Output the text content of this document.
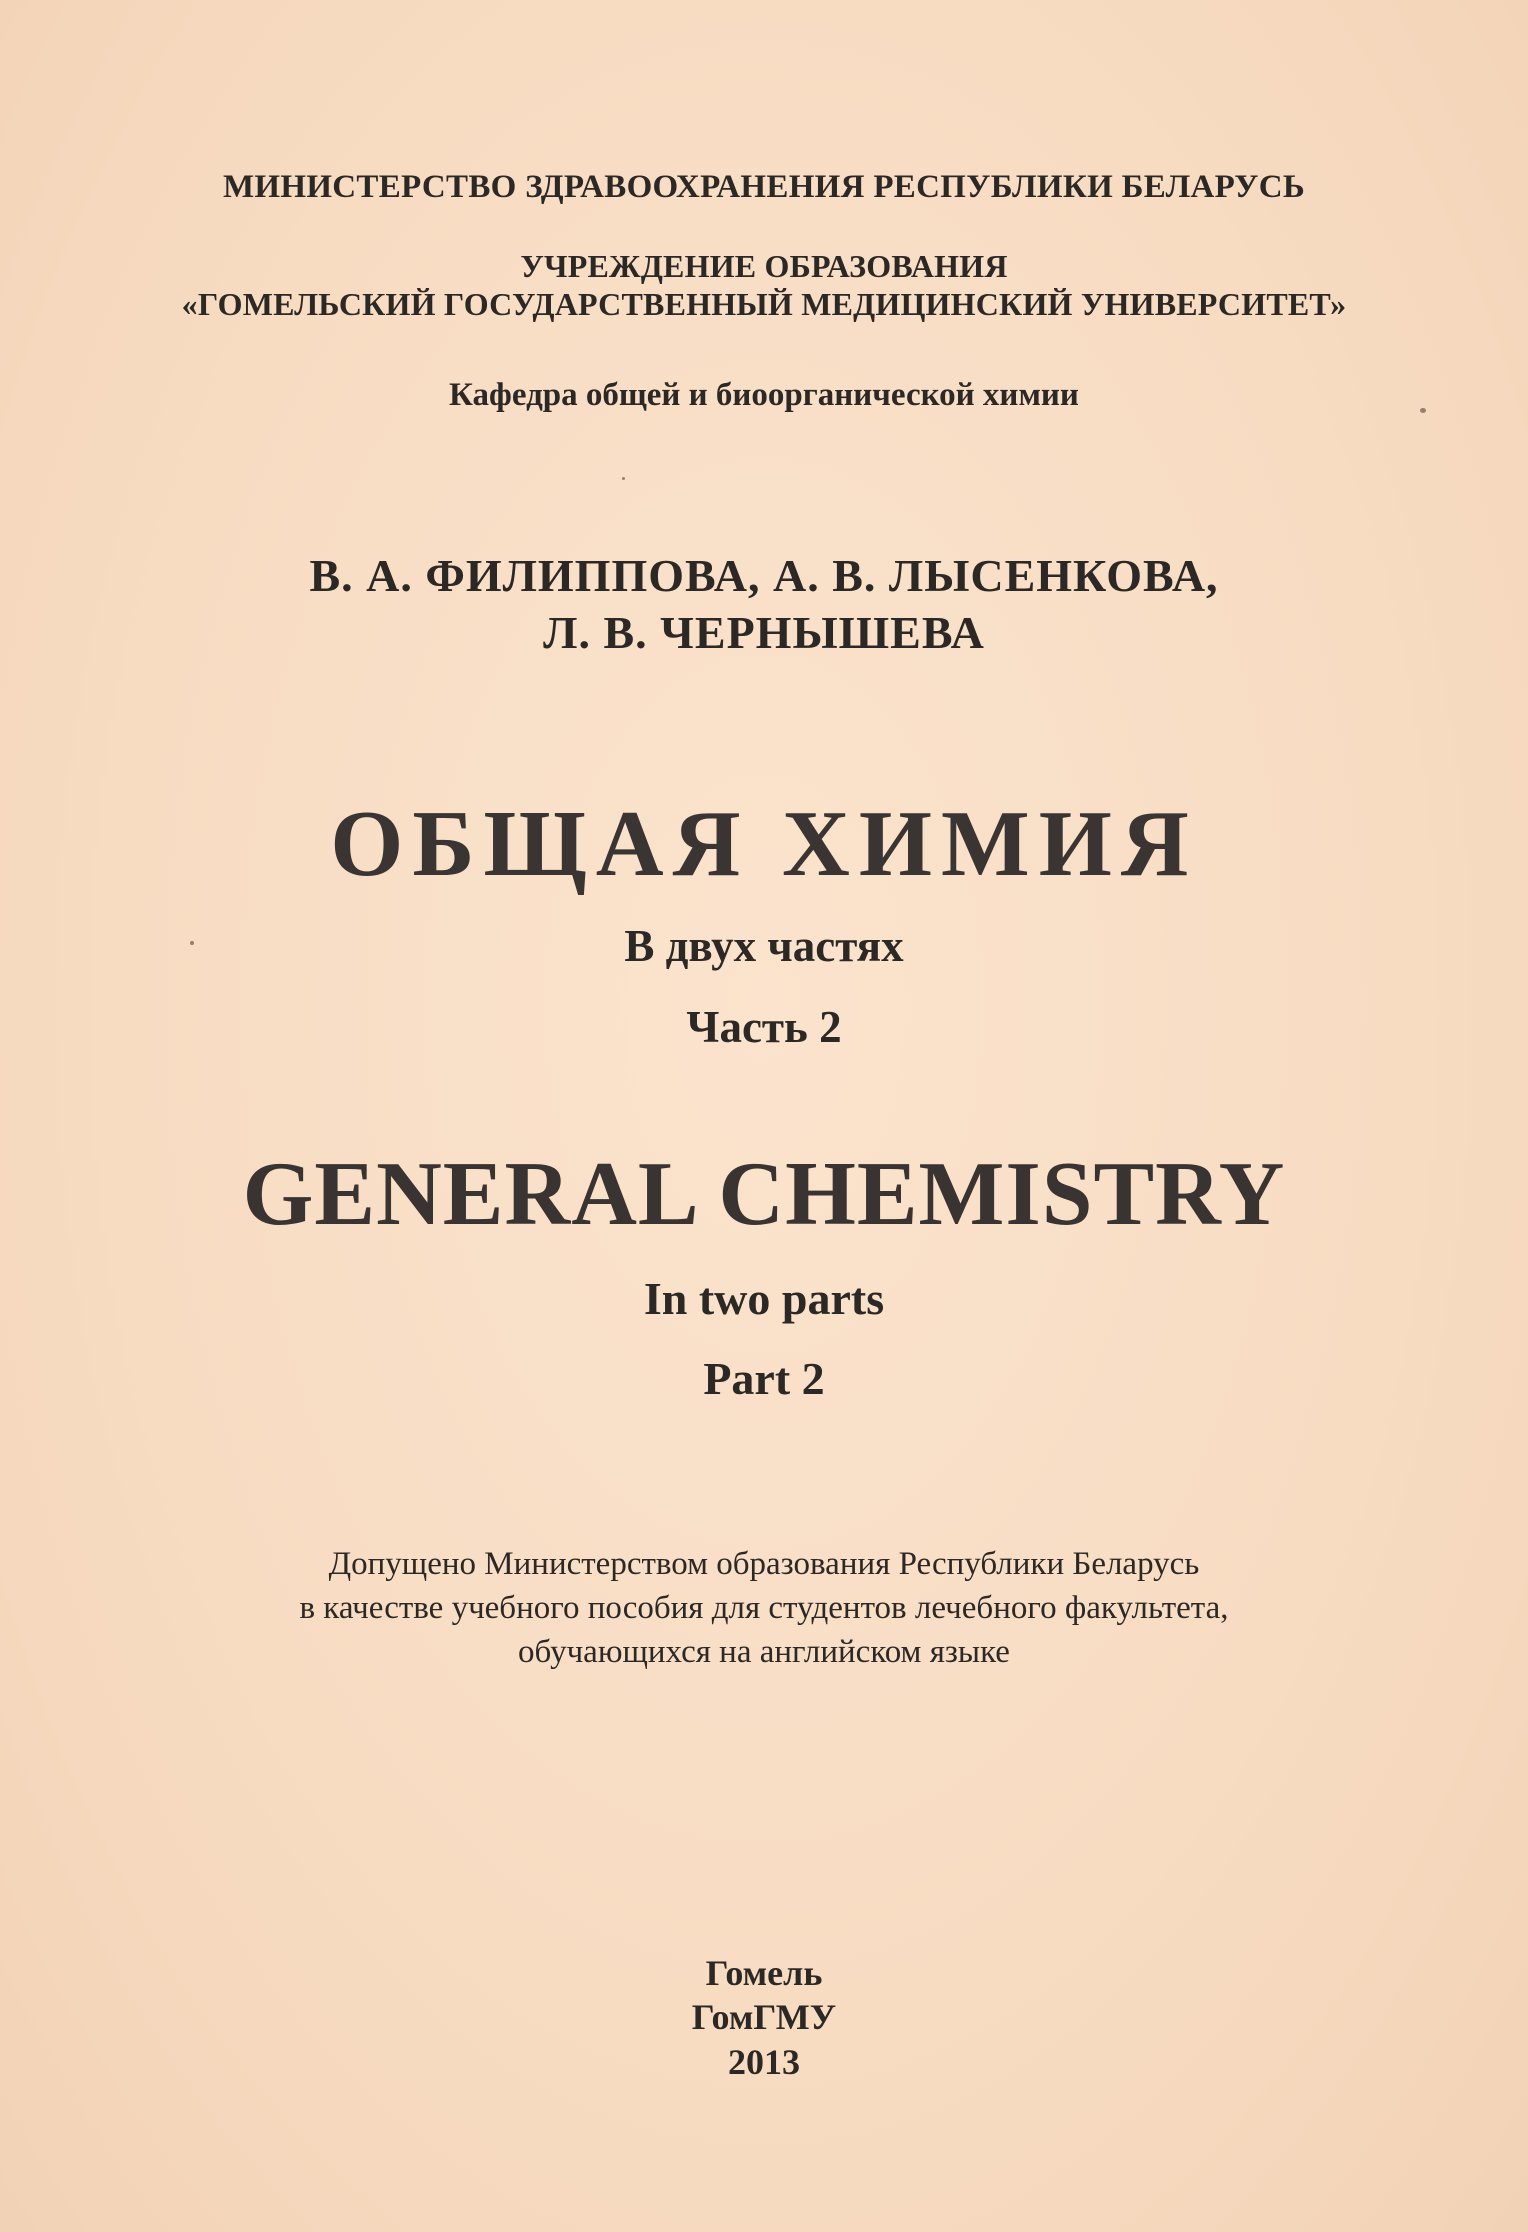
МИНИСТЕРСТВО ЗДРАВООХРАНЕНИЯ РЕСПУБЛИКИ БЕЛАРУСЬ
УЧРЕЖДЕНИЕ ОБРАЗОВАНИЯ
«ГОМЕЛЬСКИЙ ГОСУДАРСТВЕННЫЙ МЕДИЦИНСКИЙ УНИВЕРСИТЕТ»
Кафедра общей и биоорганической химии
В. А. ФИЛИППОВА, А. В. ЛЫСЕНКОВА,
Л. В. ЧЕРНЫШЕВА
ОБЩАЯ ХИМИЯ
В двух частях
Часть 2
GENERAL CHEMISTRY
In two parts
Part 2
Допущено Министерством образования Республики Беларусь
в качестве учебного пособия для студентов лечебного факультета,
обучающихся на английском языке
Гомель
ГомГМУ
2013
